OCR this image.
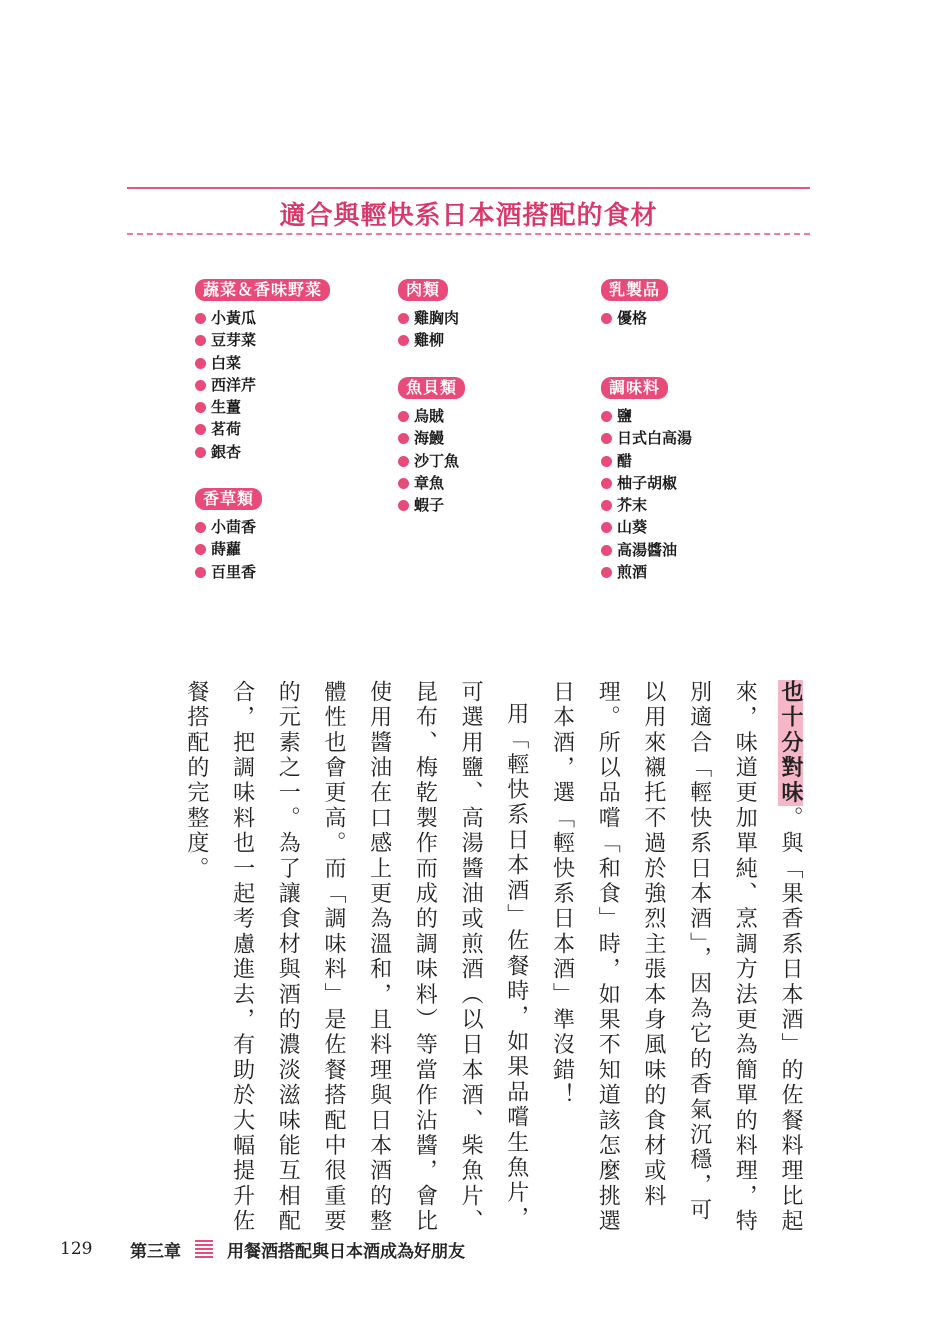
適合與輕快系日本酒搭配的食材
蔬菜＆香味野菜
小黃瓜
豆芽菜
白菜
西洋芹
生薑
茗荷
銀杏
香草類
小茴香
蒔蘿
百里香
肉類
雞胸肉
雞柳
魚貝類
烏賊
海鰻
沙丁魚
章魚
蝦子
乳製品
優格
調味料
鹽
日式白高湯
醋
柚子胡椒
芥末
山葵
高湯醬油
煎酒

也十分對味。與「果香系日本酒」的佐餐料理比起來，味道更加單純、烹調方法更為簡單的料理，特別適合「輕快系日本酒」，因為它的香氣沉穩，可以用來襯托不過於強烈主張本身風味的食材或料理。所以品嚐「和食」時，如果不知道該怎麼挑選日本酒，選「輕快系日本酒」準沒錯！

用「輕快系日本酒」佐餐時，如果品嚐生魚片，可選用鹽、高湯醬油或煎酒（以日本酒、柴魚片、昆布、梅乾製作而成的調味料）等當作沾醬，會比使用醬油在口感上更為溫和，且料理與日本酒的整體性也會更高。而「調味料」是佐餐搭配中很重要的元素之一。為了讓食材與酒的濃淡滋味能互相配合，把調味料也一起考慮進去，有助於大幅提升佐餐搭配的完整度。

129	第三章	用餐酒搭配與日本酒成為好朋友
